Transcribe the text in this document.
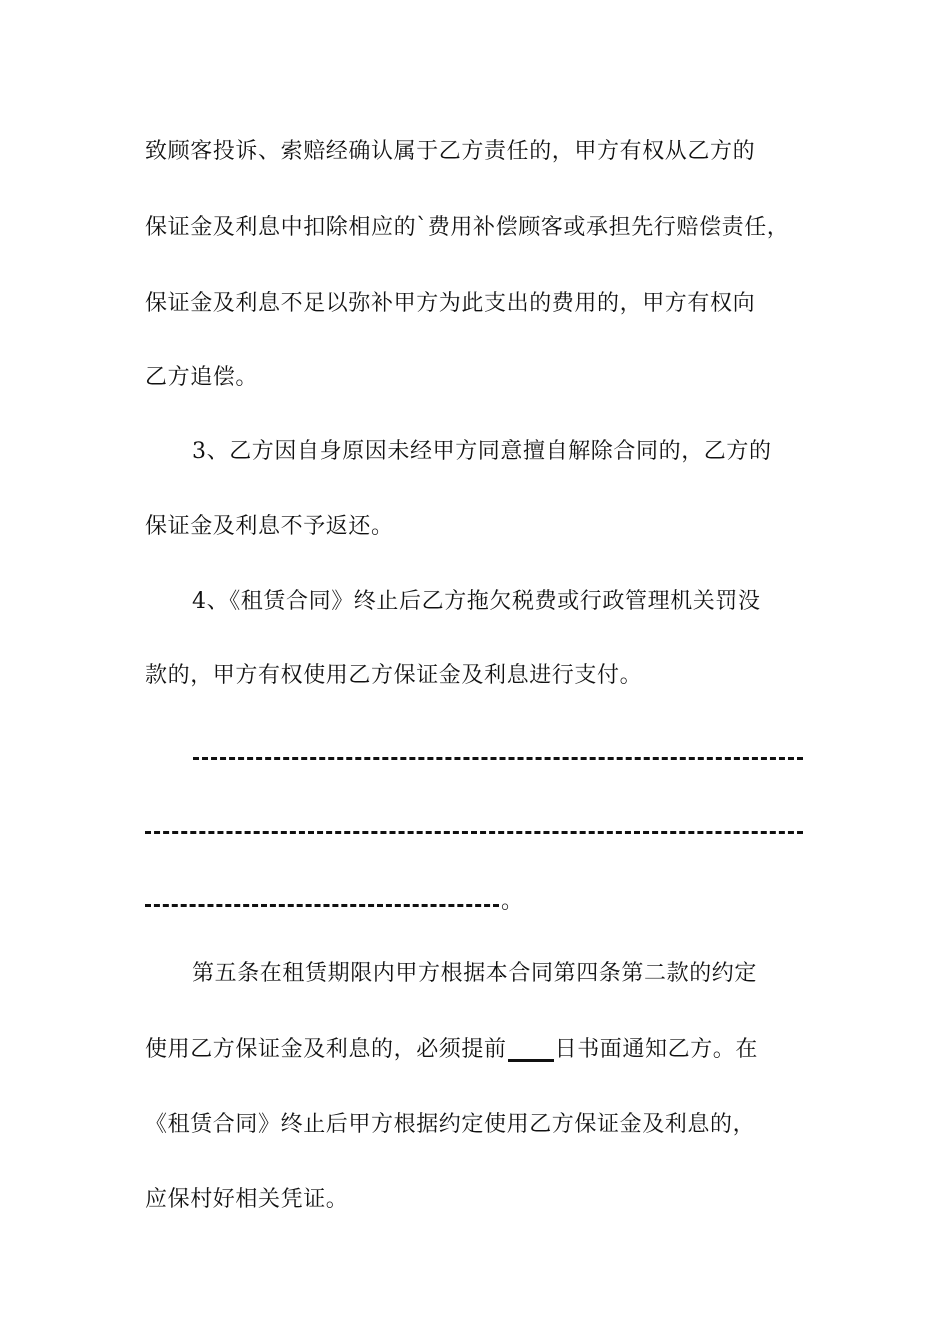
致顾客投诉、索赔经确认属于乙方责任的，甲方有权从乙方的
保证金及利息中扣除相应的`费用补偿顾客或承担先行赔偿责任，
保证金及利息不足以弥补甲方为此支出的费用的，甲方有权向
乙方追偿。
3、乙方因自身原因未经甲方同意擅自解除合同的，乙方的
保证金及利息不予返还。
4、《租赁合同》终止后乙方拖欠税费或行政管理机关罚没
款的，甲方有权使用乙方保证金及利息进行支付。
。
第五条在租赁期限内甲方根据本合同第四条第二款的约定
使用乙方保证金及利息的，必须提前 日书面通知乙方。在
《租赁合同》终止后甲方根据约定使用乙方保证金及利息的，
应保村好相关凭证。
